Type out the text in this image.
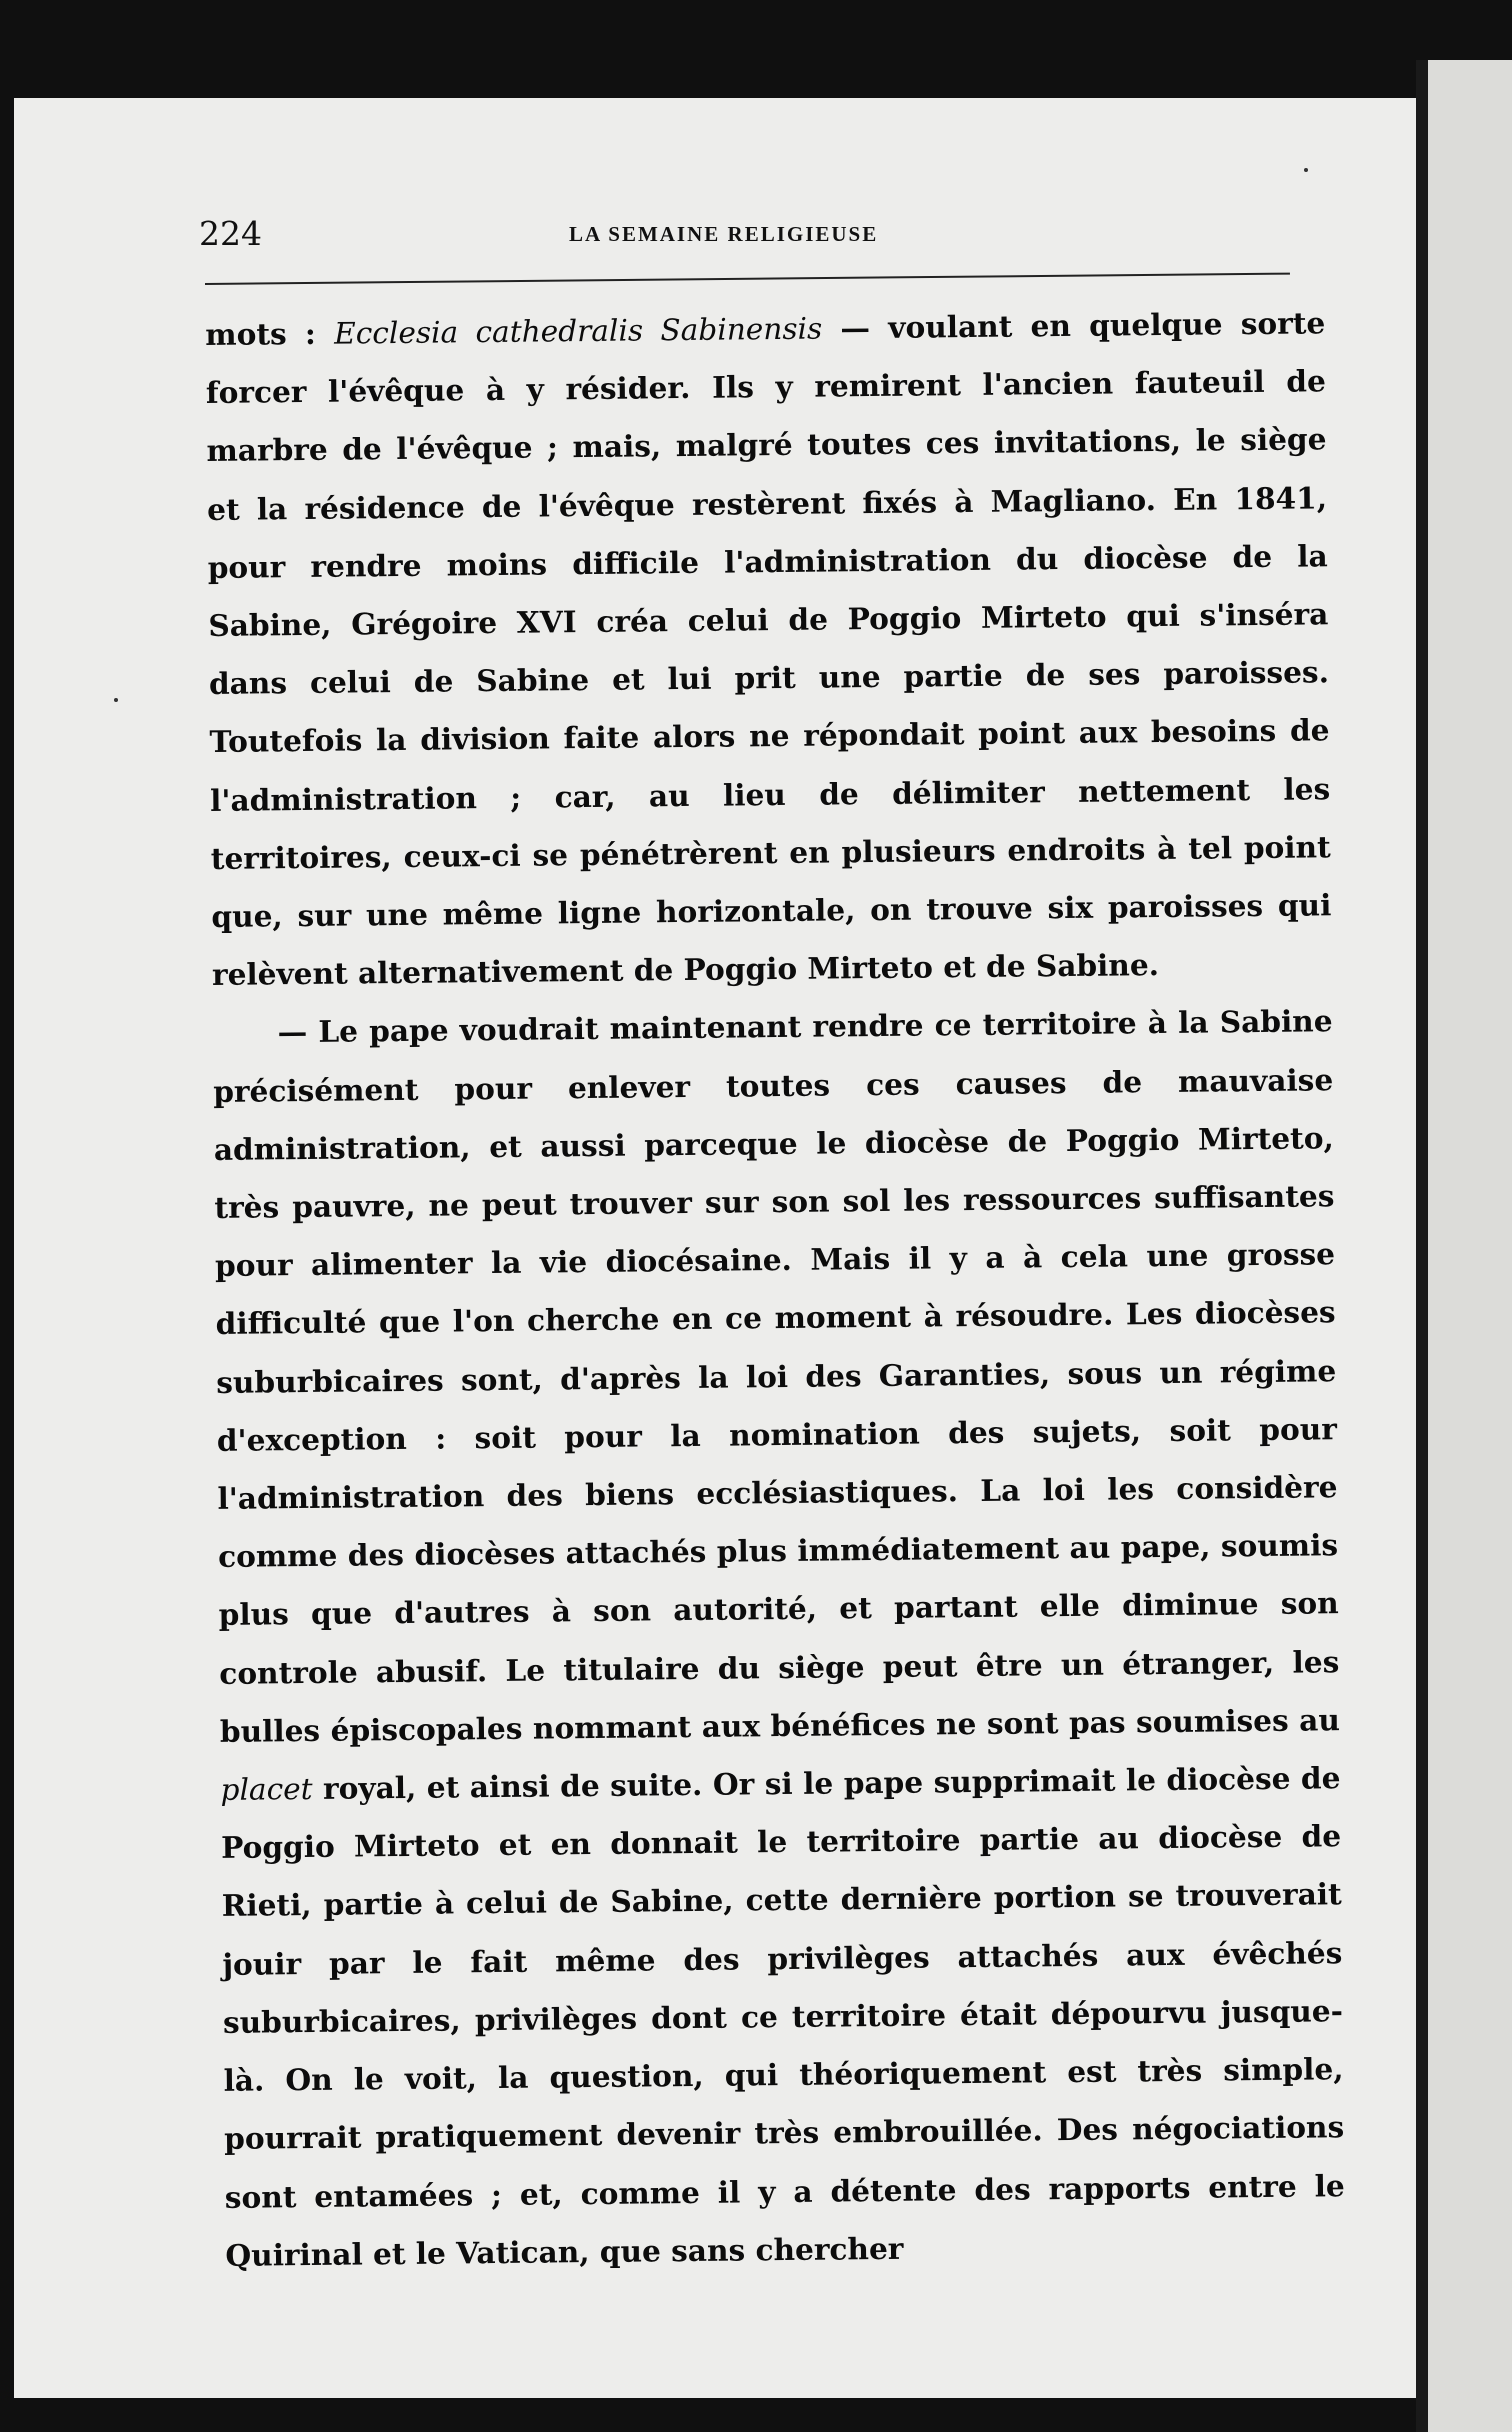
224	LA SEMAINE RELIGIEUSE

mots : Ecclesia cathedralis Sabinensis — voulant en quelque sorte forcer l'évêque à y résider. Ils y remirent l'ancien fauteuil de marbre de l'évêque ; mais, malgré toutes ces invitations, le siège et la résidence de l'évêque restèrent fixés à Magliano. En 1841, pour rendre moins difficile l'administration du diocèse de la Sabine, Grégoire XVI créa celui de Poggio Mirteto qui s'inséra dans celui de Sabine et lui prit une partie de ses paroisses. Toutefois la division faite alors ne répondait point aux besoins de l'administration ; car, au lieu de délimiter nettement les territoires, ceux-ci se pénétrèrent en plusieurs endroits à tel point que, sur une même ligne horizontale, on trouve six paroisses qui relèvent alternativement de Poggio Mirteto et de Sabine.

— Le pape voudrait maintenant rendre ce territoire à la Sabine précisément pour enlever toutes ces causes de mauvaise administration, et aussi parceque le diocèse de Poggio Mirteto, très pauvre, ne peut trouver sur son sol les ressources suffisantes pour alimenter la vie diocésaine. Mais il y a à cela une grosse difficulté que l'on cherche en ce moment à résoudre. Les diocèses suburbicaires sont, d'après la loi des Garanties, sous un régime d'exception : soit pour la nomination des sujets, soit pour l'administration des biens ecclésiastiques. La loi les considère comme des diocèses attachés plus immédiatement au pape, soumis plus que d'autres à son autorité, et partant elle diminue son controle abusif. Le titulaire du siège peut être un étranger, les bulles épiscopales nommant aux bénéfices ne sont pas soumises au placet royal, et ainsi de suite. Or si le pape supprimait le diocèse de Poggio Mirteto et en donnait le territoire partie au diocèse de Rieti, partie à celui de Sabine, cette dernière portion se trouverait jouir par le fait même des privilèges attachés aux évêchés suburbicaires, privilèges dont ce territoire était dépourvu jusque-là. On le voit, la question, qui théoriquement est très simple, pourrait pratiquement devenir très embrouillée. Des négociations sont entamées ; et, comme il y a détente des rapports entre le Quirinal et le Vatican, que sans chercher
